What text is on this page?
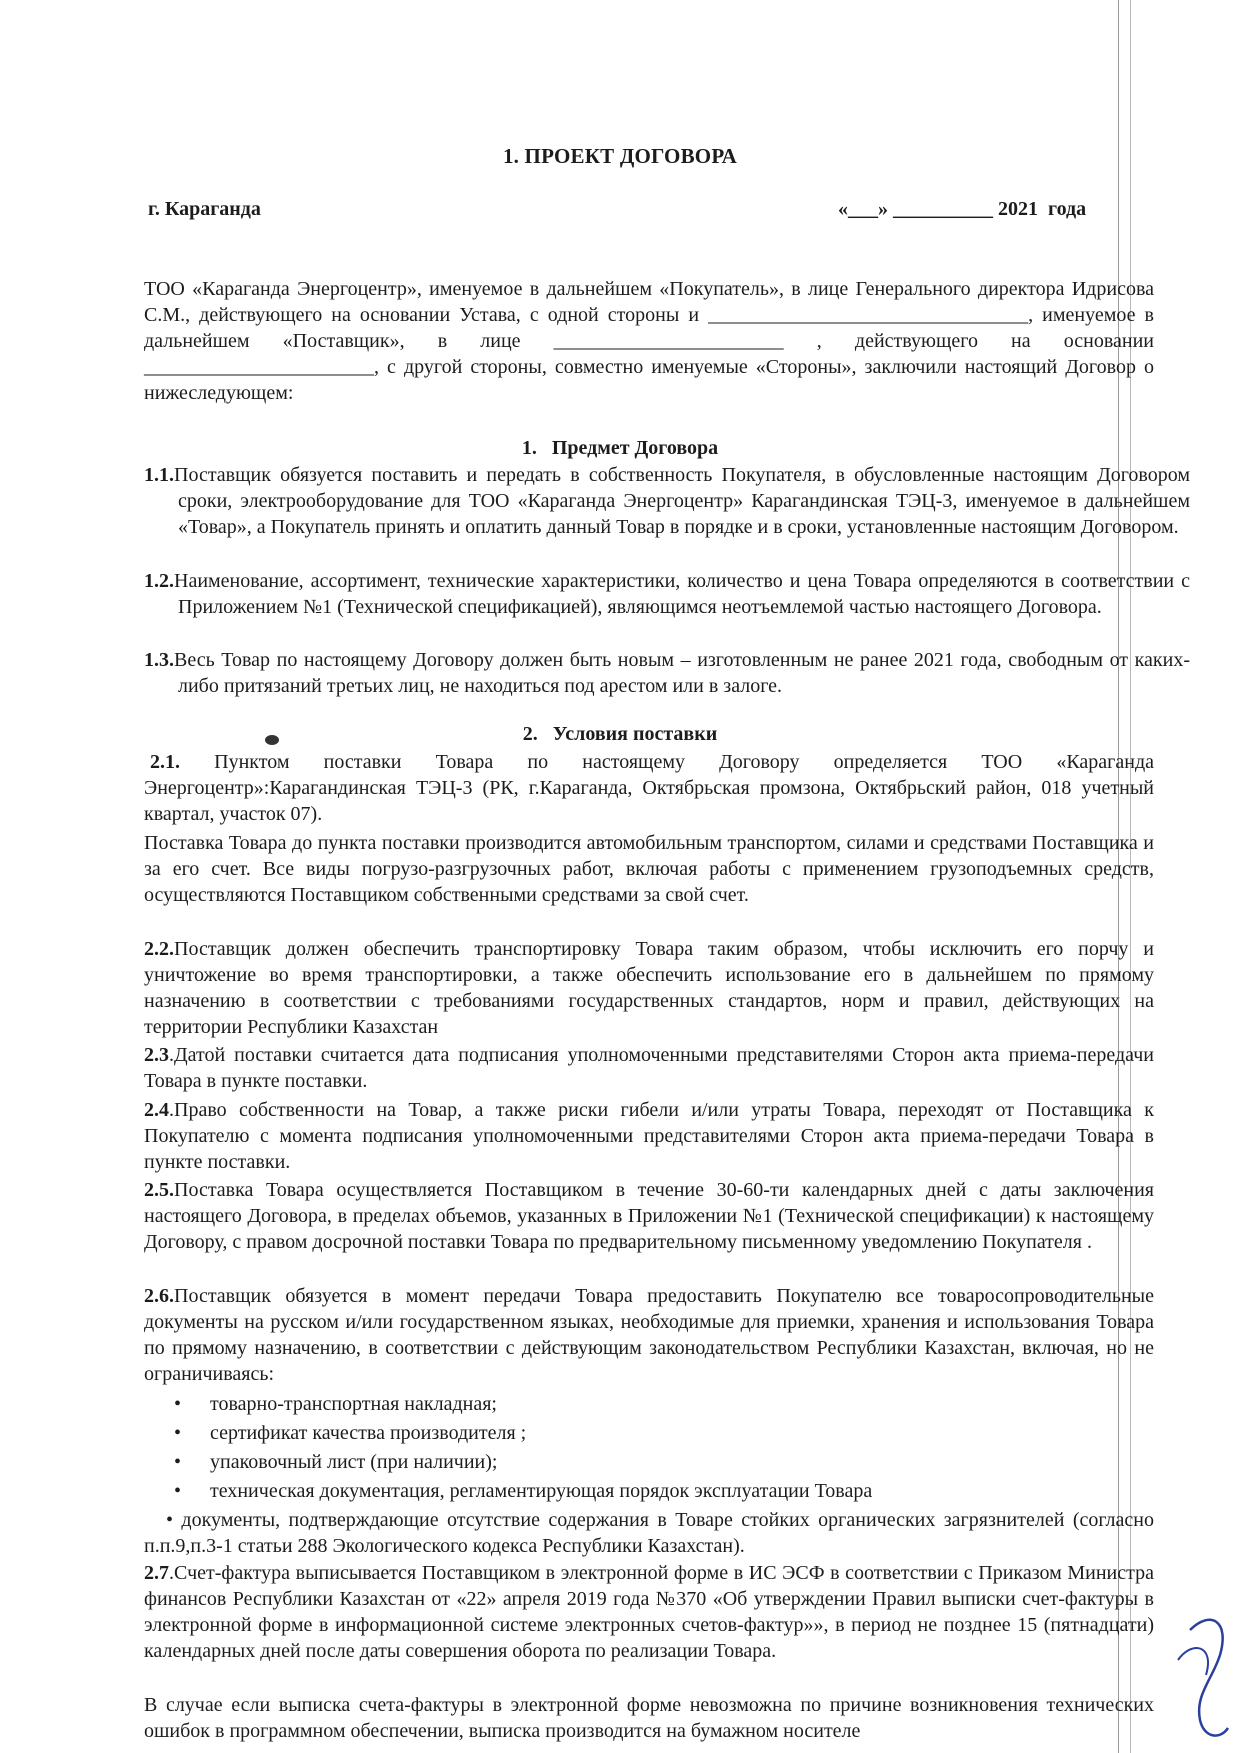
1. ПРОЕКТ ДОГОВОРА
г. Караганда	«___» __________ 2021  года

ТОО «Караганда Энергоцентр», именуемое в дальнейшем «Покупатель», в лице Генерального директора Идрисова С.М., действующего на основании Устава, с одной стороны и ________________________________, именуемое в дальнейшем «Поставщик», в лице _______________________ , действующего на основании _______________________, с другой стороны, совместно именуемые «Стороны», заключили настоящий Договор о нижеследующем:

1.   Предмет Договора

1.1.Поставщик обязуется поставить и передать в собственность Покупателя, в обусловленные настоящим Договором сроки, электрооборудование для ТОО «Караганда Энергоцентр» Карагандинская ТЭЦ-3, именуемое в дальнейшем «Товар», а Покупатель принять и оплатить данный Товар в порядке и в сроки, установленные настоящим Договором.

1.2.Наименование, ассортимент, технические характеристики, количество и цена Товара определяются в соответствии с Приложением №1 (Технической спецификацией), являющимся неотъемлемой частью настоящего Договора.

1.3.Весь Товар по настоящему Договору должен быть новым – изготовленным не ранее 2021 года, свободным от каких-либо притязаний третьих лиц, не находиться под арестом или в залоге.

2.   Условия поставки

2.1. Пунктом поставки Товара по настоящему Договору определяется ТОО «Караганда Энергоцентр»:Карагандинская ТЭЦ-3 (РК, г.Караганда, Октябрьская промзона, Октябрьский район, 018 учетный квартал, участок 07).

Поставка Товара до пункта поставки производится автомобильным транспортом, силами и средствами Поставщика и за его счет. Все виды погрузо-разгрузочных работ, включая работы с применением грузоподъемных средств, осуществляются Поставщиком собственными средствами за свой счет.

2.2.Поставщик должен обеспечить транспортировку Товара таким образом, чтобы исключить его порчу и уничтожение во время транспортировки, а также обеспечить использование его в дальнейшем по прямому назначению в соответствии с требованиями государственных стандартов, норм и правил, действующих на территории Республики Казахстан

2.3.Датой поставки считается дата подписания уполномоченными представителями Сторон акта приема-передачи Товара в пункте поставки.

2.4.Право собственности на Товар, а также риски гибели и/или утраты Товара, переходят от Поставщика к Покупателю с момента подписания уполномоченными представителями Сторон акта приема-передачи Товара в пункте поставки.

2.5.Поставка Товара осуществляется Поставщиком в течение 30-60-ти календарных дней с даты заключения настоящего Договора, в пределах объемов, указанных в Приложении №1 (Технической спецификации) к настоящему Договору, с правом досрочной поставки Товара по предварительному письменному уведомлению Покупателя .

2.6.Поставщик обязуется в момент передачи Товара предоставить Покупателю все товаросопроводительные документы на русском и/или государственном языках, необходимые для приемки, хранения и использования Товара по прямому назначению, в соответствии с действующим законодательством Республики Казахстан, включая, но не ограничиваясь:

• товарно-транспортная накладная;
• сертификат качества производителя ;
• упаковочный лист (при наличии);
• техническая документация, регламентирующая порядок эксплуатации Товара

• документы, подтверждающие отсутствие содержания в Товаре стойких органических загрязнителей (согласно п.п.9,п.3-1 статьи 288 Экологического кодекса Республики Казахстан).

2.7.Счет-фактура выписывается Поставщиком в электронной форме в ИС ЭСФ в соответствии с Приказом Министра финансов Республики Казахстан от «22» апреля 2019 года №370 «Об утверждении Правил выписки счет-фактуры в электронной форме в информационной системе электронных счетов-фактур»», в период не позднее 15 (пятнадцати) календарных дней после даты совершения оборота по реализации Товара.

В случае если выписка счета-фактуры в электронной форме невозможна по причине возникновения технических ошибок в программном обеспечении, выписка производится на бумажном носителе
